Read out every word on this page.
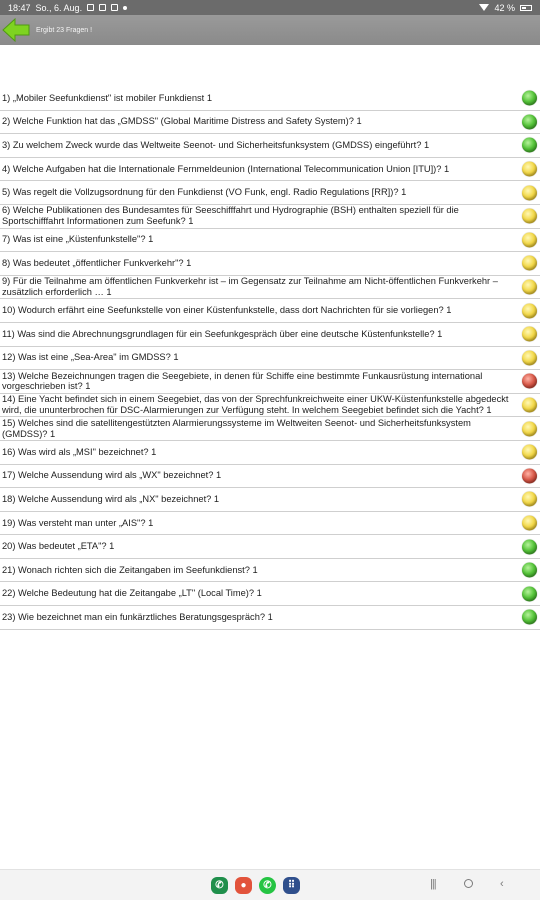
18:47 So., 6. Aug.	42 %
Ergibt 23 Fragen !
1) „Mobiler Seefunkdienst" ist mobiler Funkdienst 1
2) Welche Funktion hat das „GMDSS" (Global Maritime Distress and Safety System)? 1
3) Zu welchem Zweck wurde das Weltweite Seenot- und Sicherheitsfunksystem (GMDSS) eingeführt? 1
4) Welche Aufgaben hat die Internationale Fernmeldeunion (International Telecommunication Union [ITU])? 1
5) Was regelt die Vollzugsordnung für den Funkdienst (VO Funk, engl. Radio Regulations [RR])? 1
6) Welche Publikationen des Bundesamtes für Seeschifffahrt und Hydrographie (BSH) enthalten speziell für die Sportschifffahrt Informationen zum Seefunk? 1
7) Was ist eine „Küstenfunkstelle"? 1
8) Was bedeutet „öffentlicher Funkverkehr"? 1
9) Für die Teilnahme am öffentlichen Funkverkehr ist – im Gegensatz zur Teilnahme am Nicht-öffentlichen Funkverkehr – zusätzlich erforderlich … 1
10) Wodurch erfährt eine Seefunkstelle von einer Küstenfunkstelle, dass dort Nachrichten für sie vorliegen? 1
11) Was sind die Abrechnungsgrundlagen für ein Seefunkgespräch über eine deutsche Küstenfunkstelle? 1
12) Was ist eine „Sea-Area" im GMDSS? 1
13) Welche Bezeichnungen tragen die Seegebiete, in denen für Schiffe eine bestimmte Funkausrüstung international vorgeschrieben ist? 1
14) Eine Yacht befindet sich in einem Seegebiet, das von der Sprechfunkreichweite einer UKW-Küstenfunkstelle abgedeckt wird, die ununterbrochen für DSC-Alarmierungen zur Verfügung steht. In welchem Seegebiet befindet sich die Yacht? 1
15) Welches sind die satellitengestützten Alarmierungssysteme im Weltweiten Seenot- und Sicherheitsfunksystem (GMDSS)? 1
16) Was wird als „MSI" bezeichnet? 1
17) Welche Aussendung wird als „WX" bezeichnet? 1
18) Welche Aussendung wird als „NX" bezeichnet? 1
19) Was versteht man unter „AIS"? 1
20) Was bedeutet „ETA"? 1
21) Wonach richten sich die Zeitangaben im Seefunkdienst? 1
22) Welche Bedeutung hat die Zeitangabe „LT" (Local Time)? 1
23) Wie bezeichnet man ein funkärztliches Beratungsgespräch? 1
✆	●	✆	⠿	|||	‹
